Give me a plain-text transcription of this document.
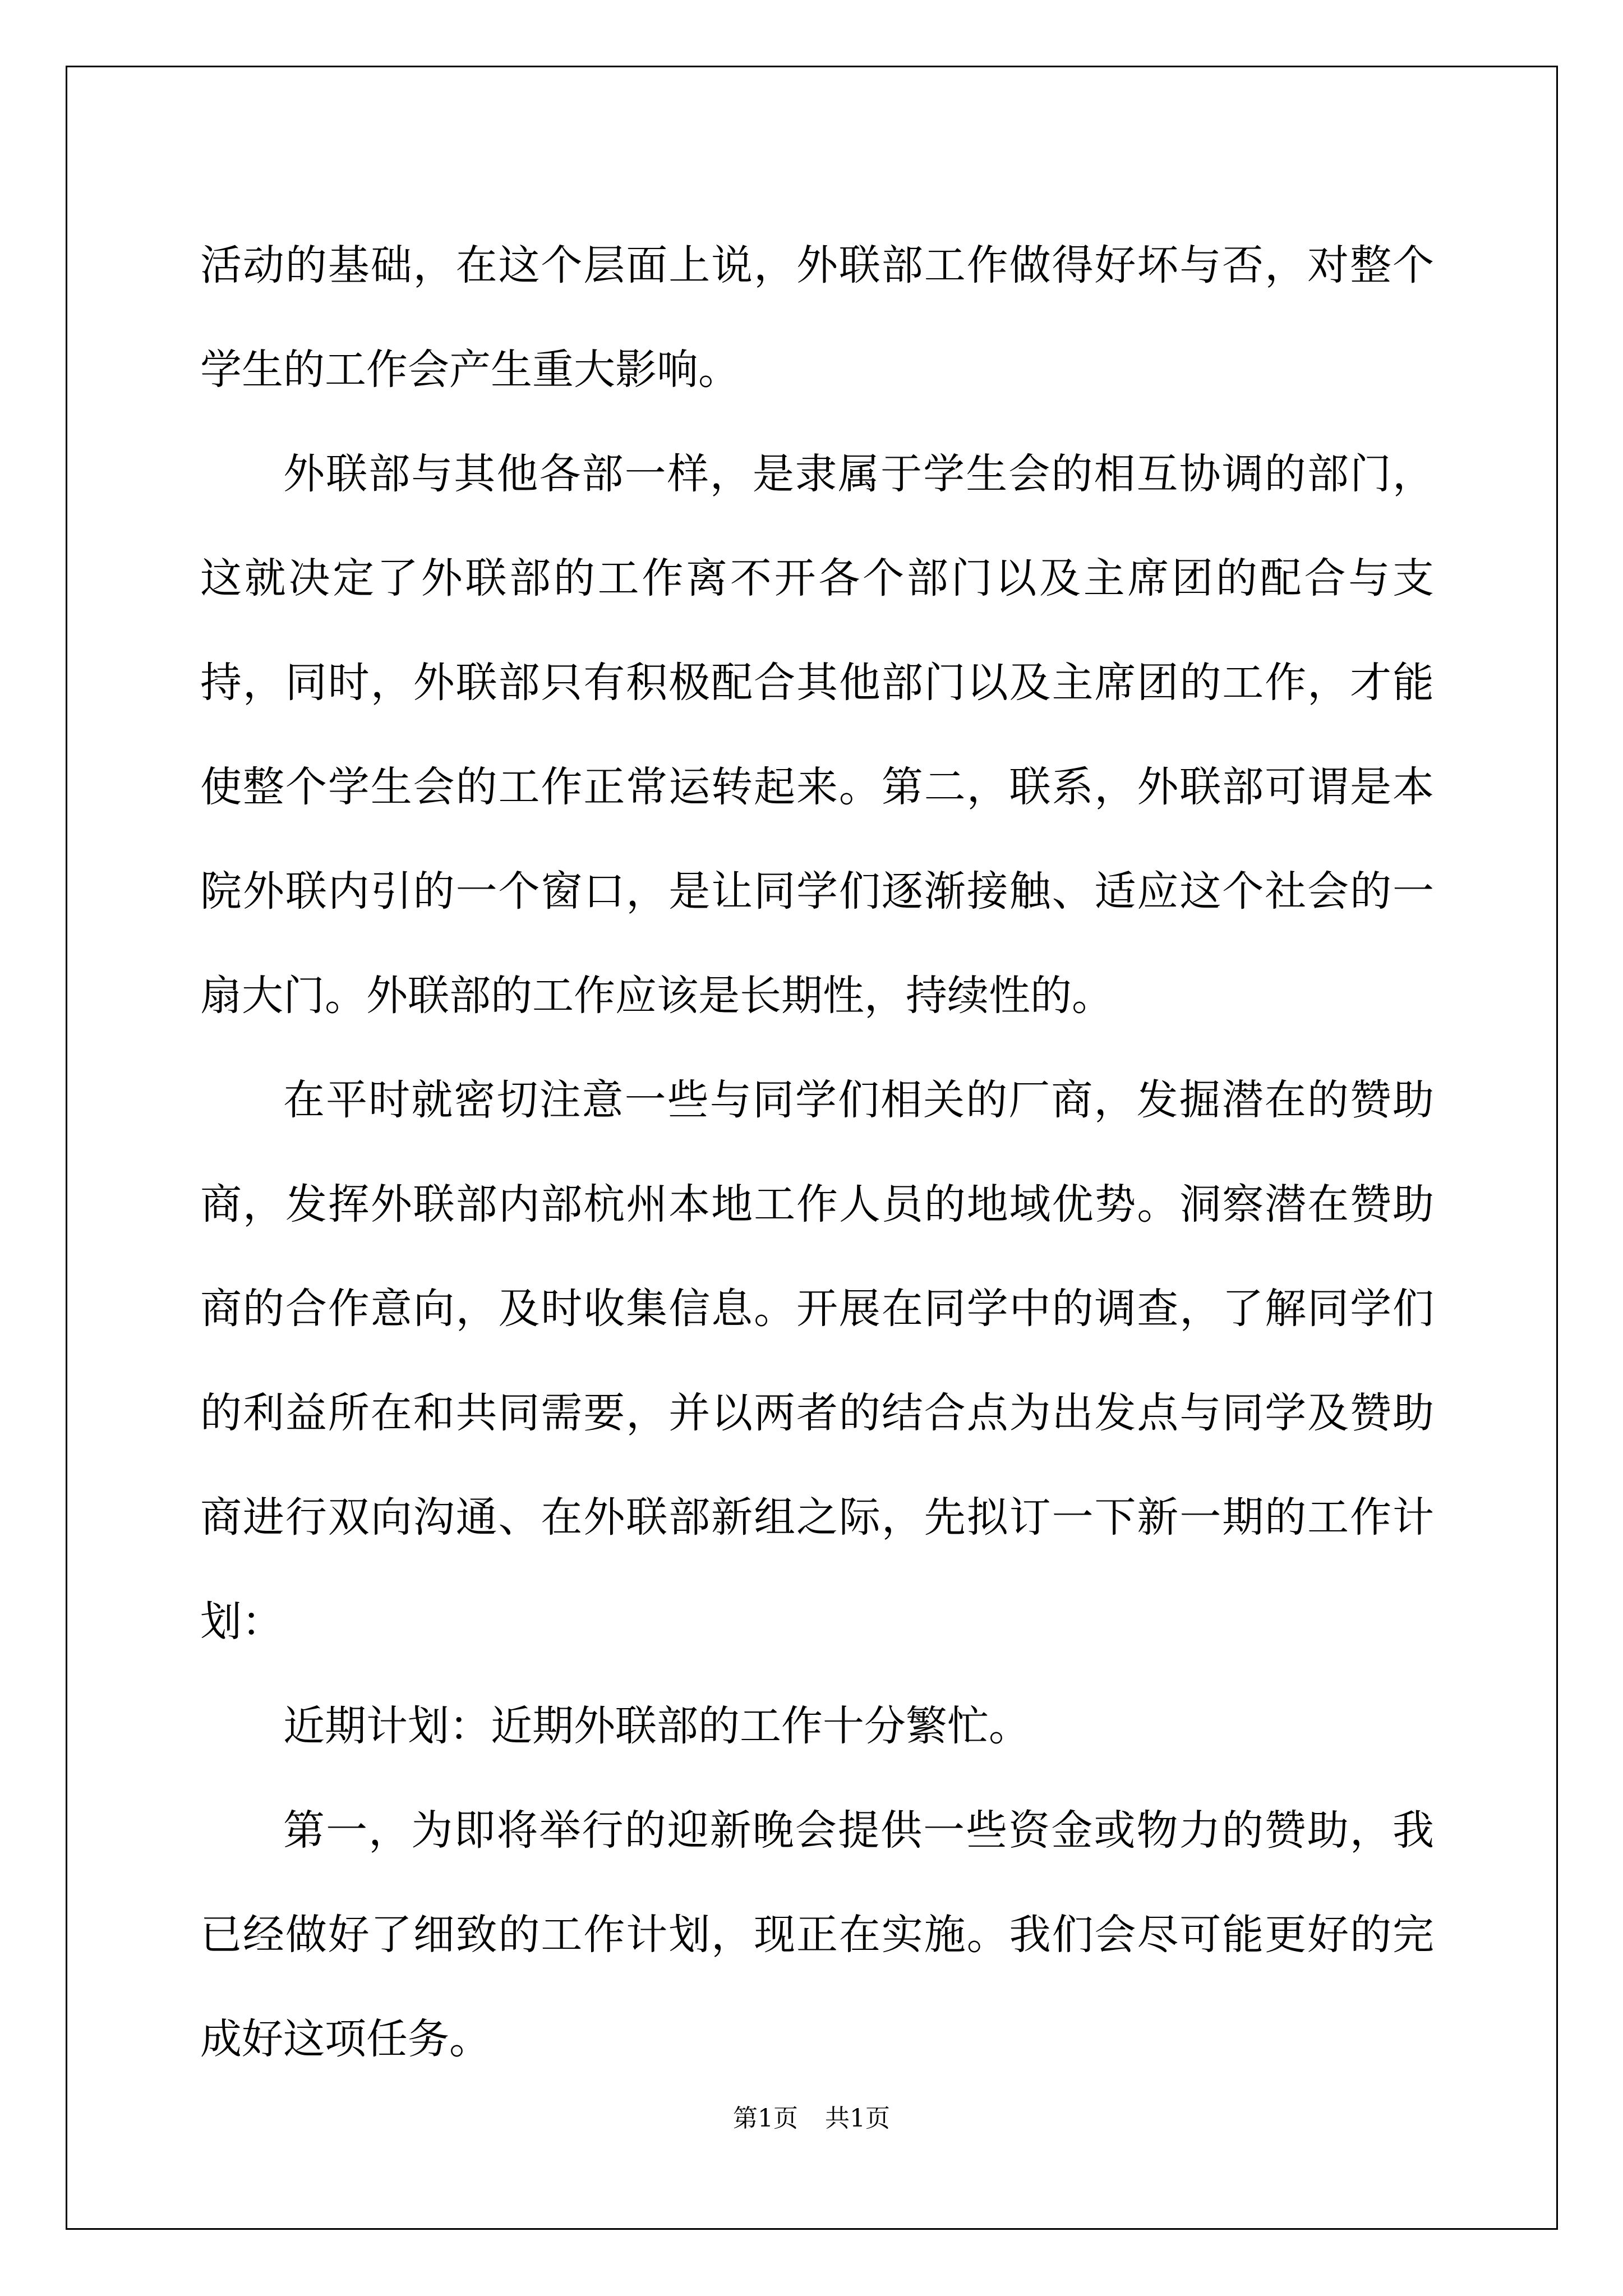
活动的基础，在这个层面上说，外联部工作做得好坏与否，对整个学生的工作会产生重大影响。

外联部与其他各部一样，是隶属于学生会的相互协调的部门，这就决定了外联部的工作离不开各个部门以及主席团的配合与支持，同时，外联部只有积极配合其他部门以及主席团的工作，才能使整个学生会的工作正常运转起来。第二，联系，外联部可谓是本院外联内引的一个窗口，是让同学们逐渐接触、适应这个社会的一扇大门。外联部的工作应该是长期性，持续性的。

在平时就密切注意一些与同学们相关的厂商，发掘潜在的赞助商，发挥外联部内部杭州本地工作人员的地域优势。洞察潜在赞助商的合作意向，及时收集信息。开展在同学中的调查，了解同学们的利益所在和共同需要，并以两者的结合点为出发点与同学及赞助商进行双向沟通、在外联部新组之际，先拟订一下新一期的工作计划：

近期计划：近期外联部的工作十分繁忙。

第一，为即将举行的迎新晚会提供一些资金或物力的赞助，我已经做好了细致的工作计划，现正在实施。我们会尽可能更好的完成好这项任务。

第1页 共1页
